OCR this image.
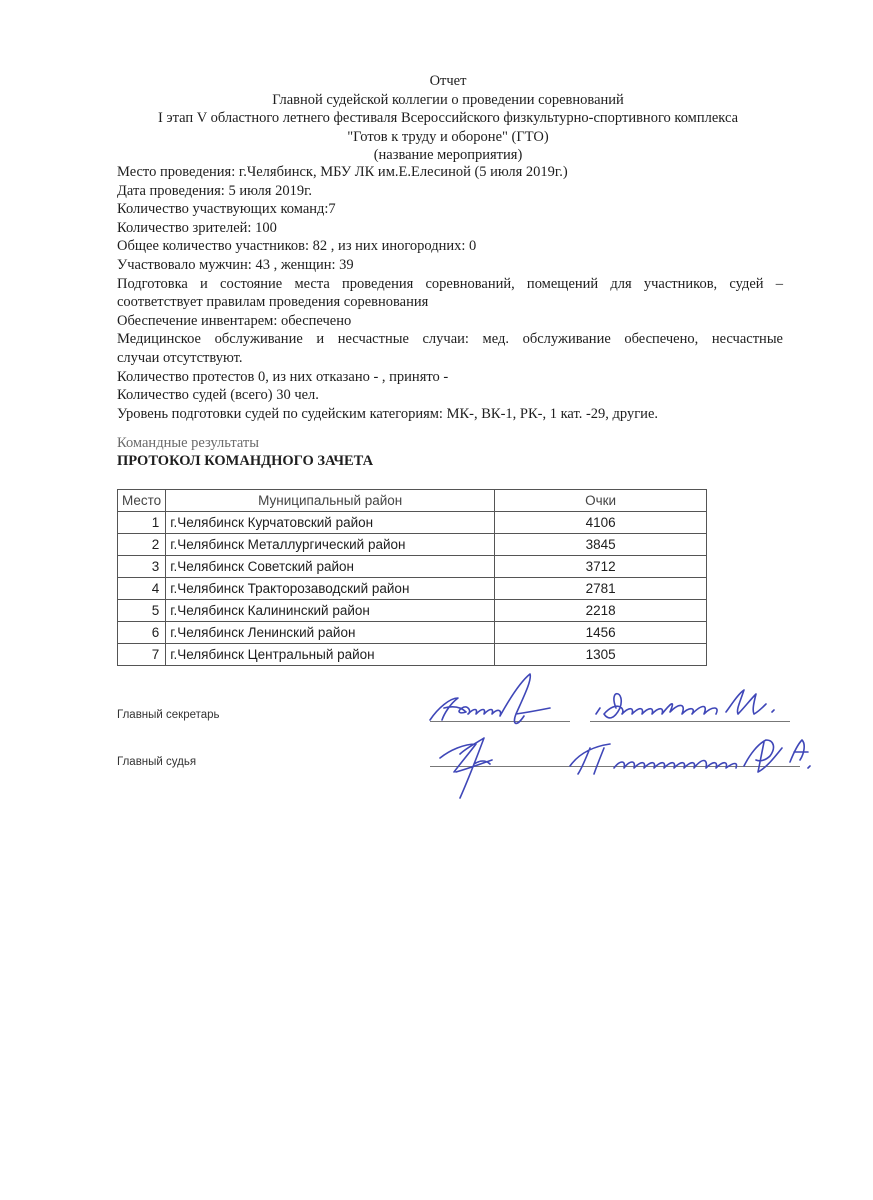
Отчет
Главной судейской коллегии о проведении соревнований
I этап V областного летнего фестиваля Всероссийского физкультурно-спортивного комплекса
"Готов к труду и обороне" (ГТО)
(название мероприятия)
Место проведения: г.Челябинск, МБУ ЛК им.Е.Елесиной (5 июля 2019г.)
Дата проведения: 5 июля 2019г.
Количество участвующих команд:7
Количество зрителей: 100
Общее количество участников: 82 , из них иногородних: 0
Участвовало мужчин: 43 , женщин: 39
Подготовка и состояние места проведения соревнований, помещений для участников, судей –
соответствует правилам проведения соревнования
Обеспечение инвентарем: обеспечено
Медицинское обслуживание и несчастные случаи: мед. обслуживание обеспечено, несчастные
случаи отсутствуют.
Количество протестов 0, из них отказано - , принято -
Количество судей (всего) 30 чел.
Уровень подготовки судей по судейским категориям: МК-, ВК-1, РК-, 1 кат. -29, другие.
Командные результаты
ПРОТОКОЛ КОМАНДНОГО ЗАЧЕТА
Место	Муниципальный район	Очки
1	г.Челябинск Курчатовский район	4106
2	г.Челябинск Металлургический район	3845
3	г.Челябинск Советский район	3712
4	г.Челябинск Тракторозаводский район	2781
5	г.Челябинск Калининский район	2218
6	г.Челябинск Ленинский район	1456
7	г.Челябинск Центральный район	1305
Главный секретарь
Главный судья
